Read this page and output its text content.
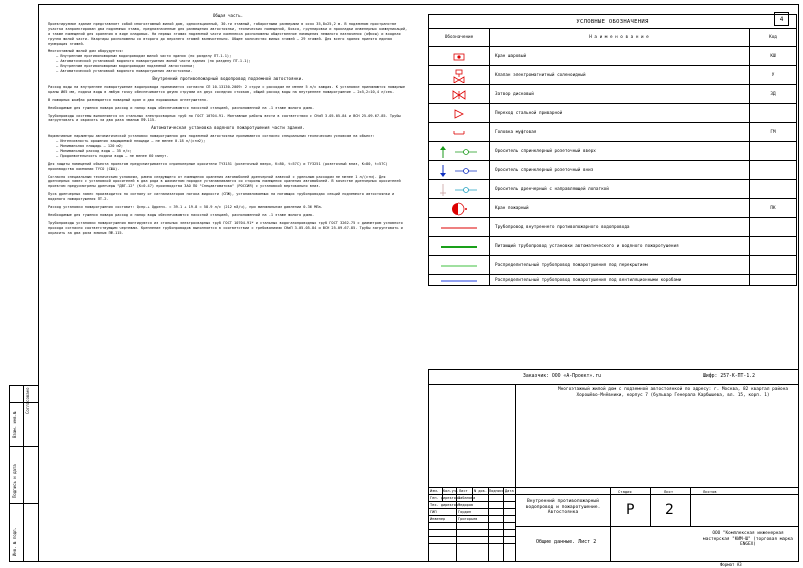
Взам. инв.№
Подпись и дата
Инв. № подл.
Согласовано
Общая часть.

Проектируемое здание представляет собой многоэтажный жилой дом, односекционный, 30-ти этажный, габаритными размерами в осях 35,8х25,2 м. В подземном пространстве участка запроектирован два подземных этажа, предназначенные для размещения автостоянки, технических помещений, бокса, группировки и прокладки инженерных коммуникаций, а также помещений для хранения в виде кладовых. На первых этажах надземной части комплекса расположены общественное помещения нежилого назначения (офисы) и входная группа жилой части. Квартиры расположены со второго до верхнего этажей включительно. Общее количество жилых этажей – 29 этажей. Для всего здания принята единая нумерация этажей.

Многоэтажный жилой дом оборудуется:

– Внутренним противопожарным водопроводом жилой части здания (по разделу ПТ-1.1);
– Автоматической установкой водяного пожаротушения жилой части здания (по разделу ПТ-1.1);
– Внутренним противопожарным водопроводом подземной автостоянки;
– Автоматической установкой водяного пожаротушения автостоянки.
Внутренний противопожарный водопровод подземной автостоянки.

Расход воды на внутреннее пожаротушение водопровода принимается согласно СП 10.13130.2009: 2 струи с расходом не менее 5 л/с каждая. К установке принимаются пожарные краны Ø65 мм, подача воды в любую точку обеспечивается двумя струями из двух соседних стояков, общий расход воды на внутреннее пожаротушение – 2х5,2=10,4 л/сек.

В пожарных шкафах размещается пожарный кран и два порошковых огнетушителя.

Необходимые для тушения пожара расход и напор воды обеспечиваются насосной станцией, расположенной на -1 этаже жилого дома.

Трубопроводы системы выполняются из стальных электросварных труб по ГОСТ 10704-91. Монтажные работы вести в соответствии с СНиП 3.05.05-84 и ВСН 25-09.67-85. Трубы загрунтовать и окрасить за два раза эмалью ПФ-115.

Автоматическая установка водяного пожаротушения части здания.

Нормативные параметры автоматической установки пожаротушения для подземной автостоянки принимаются согласно специальным техническим условиям на объект:

– Интенсивность орошения защищаемой площади – не менее 0.18 л/(с∙м2);
– Минимальная площадь – 120 м2;
– Минимальный расход воды – 35 л/с;
– Продолжительность подачи воды – не менее 60 минут.

Для защиты помещений объекта проектом предусматривается спринклерные оросители TY3151 (розеточный вверх, К=80, t=57С) и TY3251 (розеточный вниз, К=80, t=57С) производства компании TYCO (США).

Согласно специальным техническим условиям, рампа следующего от помещения хранения автомобилей дренчерной завесой с удельным расходом не менее 1 л/(с∙м). Для дренчерных завес с установкой оросителей в два ряда в шахматном порядке устанавливаются со стороны помещения хранения автомобилей. В качестве дренчерных оросителей проектом предусмотрены дренчеры "ДВГ-12" (К=0.47) производства ЗАО ПО "Спецавтоматика" (РОССИЯ) с установкой вертикально вниз.

Пуск дренчерных завес производится по сигналу от сигнализаторов потока жидкости (СПЖ), устанавливаемых на питающих трубопроводах секций подземного автостоянки и водяного пожаротушения ПТ-2.

Расход установки пожаротушения составит: Qспр.+ Qдренч. = 39.1 + 19.8 = 58.9 л/с (212 м3/ч), при минимальном давлении 0.36 МПа.

Необходимые для тушения пожара расход и напор воды обеспечиваются насосной станцией, расположенной на -1 этаже жилого дома.

Трубопроводы установки пожаротушения монтируются из стальных электросварных труб ГОСТ 10704-91* и стальных водогазопроводных труб ГОСТ 3262-75 с диаметром условного прохода согласно соответствующим чертежам. Крепление трубопроводов выполняется в соответствии с требованиями СНиП 3.05.05-84 и ВСН 25-09.67-85. Трубы загрунтовать и окрасить за два раза эмалью ПФ-115.

4
УСЛОВНЫЕ ОБОЗНАЧЕНИЯ
Обозначение	Н а и м е н о в а н и е	Код
Кран шаровый	КШ
Клапан электромагнитный соленоидный	У
Затвор дисковый	ЗД
Переход стальной приварной
Головка муфтовая	ГМ
Ороситель спринклерный розеточный вверх
Ороситель спринклерный розеточный вниз
Ороситель дренчерный с направляющей лопаткой
Кран пожарный	ПК
Трубопровод внутреннего противопожарного водопровода
Питающий трубопровод установки автоматического и водяного пожаротушения
Распределительный трубопровод пожаротушения под перекрытием
Распределительный трубопровод пожаротушения под вентиляционными коробами
Заказчик: ООО «А-Проект».ru	Шифр: 257-К-ПТ-1.2
Многоэтажный жилой дом с подземной автостоянкой по адресу: г. Москва, 82 квартал района Хорошёво-Мнёвники, корпус 7 (бульвар Генерала Карбышева, вл. 15, корп. 1)
Изм. Кол.уч. Лист N док. Подпись Дата
Ген. директор Шабанова
Тех. директор Федоров
ГИП	Гордин
Инженер	Григорьев
Внутренний противопожарный водопровод и пожаротушение. Автостоянка
Общие данные. Лист 2
Стадия	Лист	Листов
Р 2
ООО "Комплексная инженерная мастерская "КИМ-Ш" (торговая марка ENGEX)
Формат А3
